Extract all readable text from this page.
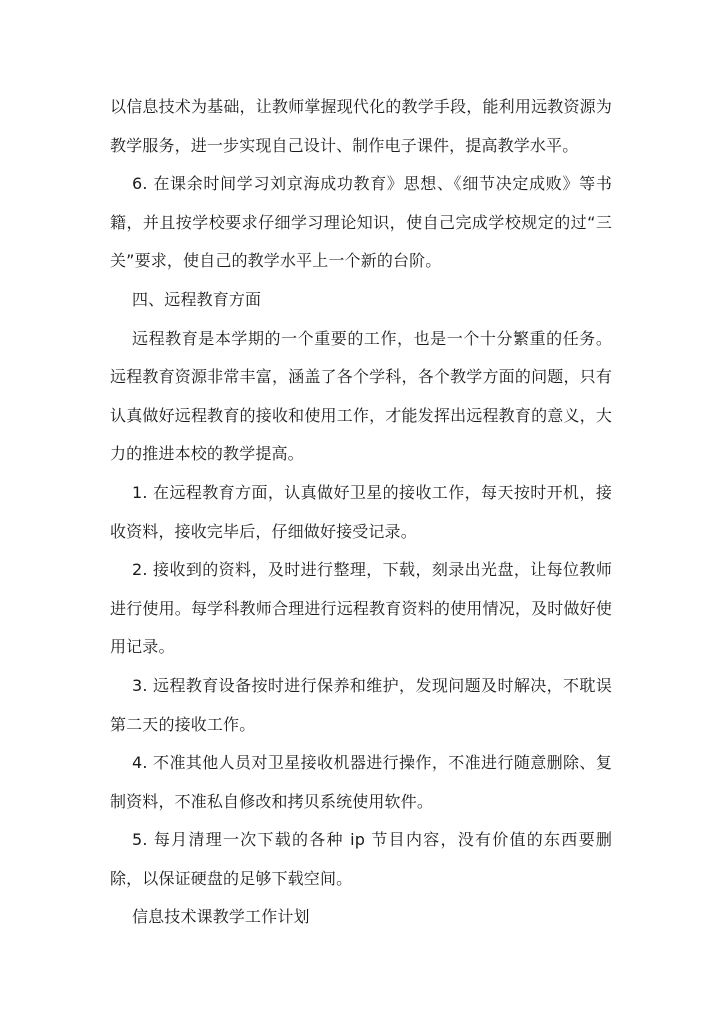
以信息技术为基础，让教师掌握现代化的教学手段，能利用远教资源为教学服务，进一步实现自己设计、制作电子课件，提高教学水平。

6. 在课余时间学习刘京海成功教育》思想、《细节决定成败》等书籍，并且按学校要求仔细学习理论知识，使自己完成学校规定的过“三关”要求，使自己的教学水平上一个新的台阶。

四、远程教育方面

远程教育是本学期的一个重要的工作，也是一个十分繁重的任务。远程教育资源非常丰富，涵盖了各个学科，各个教学方面的问题，只有认真做好远程教育的接收和使用工作，才能发挥出远程教育的意义，大力的推进本校的教学提高。

1. 在远程教育方面，认真做好卫星的接收工作，每天按时开机，接收资料，接收完毕后，仔细做好接受记录。

2. 接收到的资料，及时进行整理，下载，刻录出光盘，让每位教师进行使用。每学科教师合理进行远程教育资料的使用情况，及时做好使用记录。

3. 远程教育设备按时进行保养和维护，发现问题及时解决，不耽误第二天的接收工作。

4. 不准其他人员对卫星接收机器进行操作，不准进行随意删除、复制资料，不准私自修改和拷贝系统使用软件。

5. 每月清理一次下载的各种 ip 节目内容，没有价值的东西要删除，以保证硬盘的足够下载空间。

信息技术课教学工作计划
